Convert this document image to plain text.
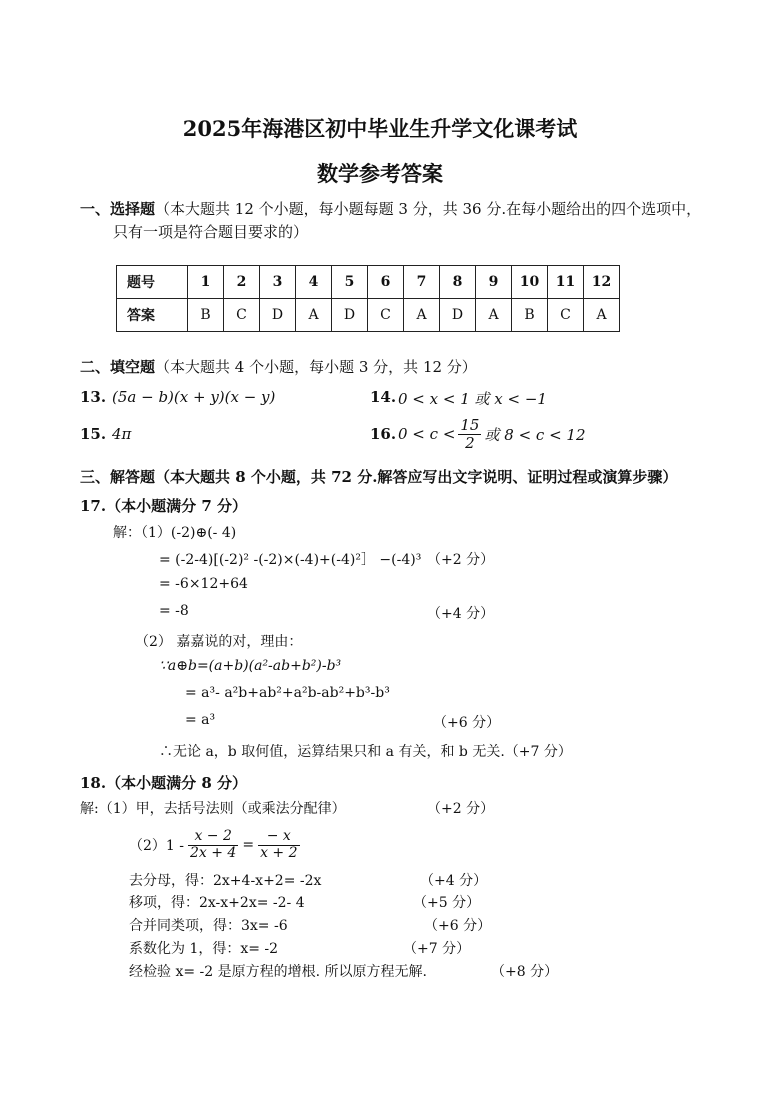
2025年海港区初中毕业生升学文化课考试
数学参考答案
一、选择题（本大题共 12 个小题，每小题每题 3 分，共 36 分.在每小题给出的四个选项中，
只有一项是符合题目要求的）
题号	1	2	3	4	5	6	7	8	9	10	11	12
答案	B	C	D	A	D	C	A	D	A	B	C	A
二、填空题（本大题共 4 个小题，每小题 3 分，共 12 分）
13. (5a − b)(x + y)(x − y)	14. 0 < x < 1 或 x < −1
15. 4π	16. $0 < c < \frac{15}{2}$ 或 8 < c < 12
三、解答题（本大题共 8 个小题，共 72 分.解答应写出文字说明、证明过程或演算步骤）
17.（本小题满分 7 分）
解：（1）(-2)⊕(- 4)
= (-2-4)[(-2)² -(-2)×(-4)+(-4)²］ −(-4)³ （+2 分）
= -6×12+64
= -8	（+4 分）
（2） 嘉嘉说的对，理由：
∵a⊕b=(a+b)(a²-ab+b²)-b³
= a³- a²b+ab²+a²b-ab²+b³-b³
= a³	（+6 分）
∴无论 a，b 取何值，运算结果只和 a 有关，和 b 无关.（+7 分）
18.（本小题满分 8 分）
解:（1）甲，去括号法则（或乘法分配律）	（+2 分）
$(2)1 - \frac{x - 2}{2x + 4} = \frac{- x}{x + 2}$
去分母，得：2x+4-x+2= -2x	（+4 分）
移项，得：2x-x+2x= -2- 4	（+5 分）
合并同类项，得：3x= -6	（+6 分）
系数化为 1，得：x= -2	（+7 分）
经检验 x= -2 是原方程的增根. 所以原方程无解.	（+8 分）
